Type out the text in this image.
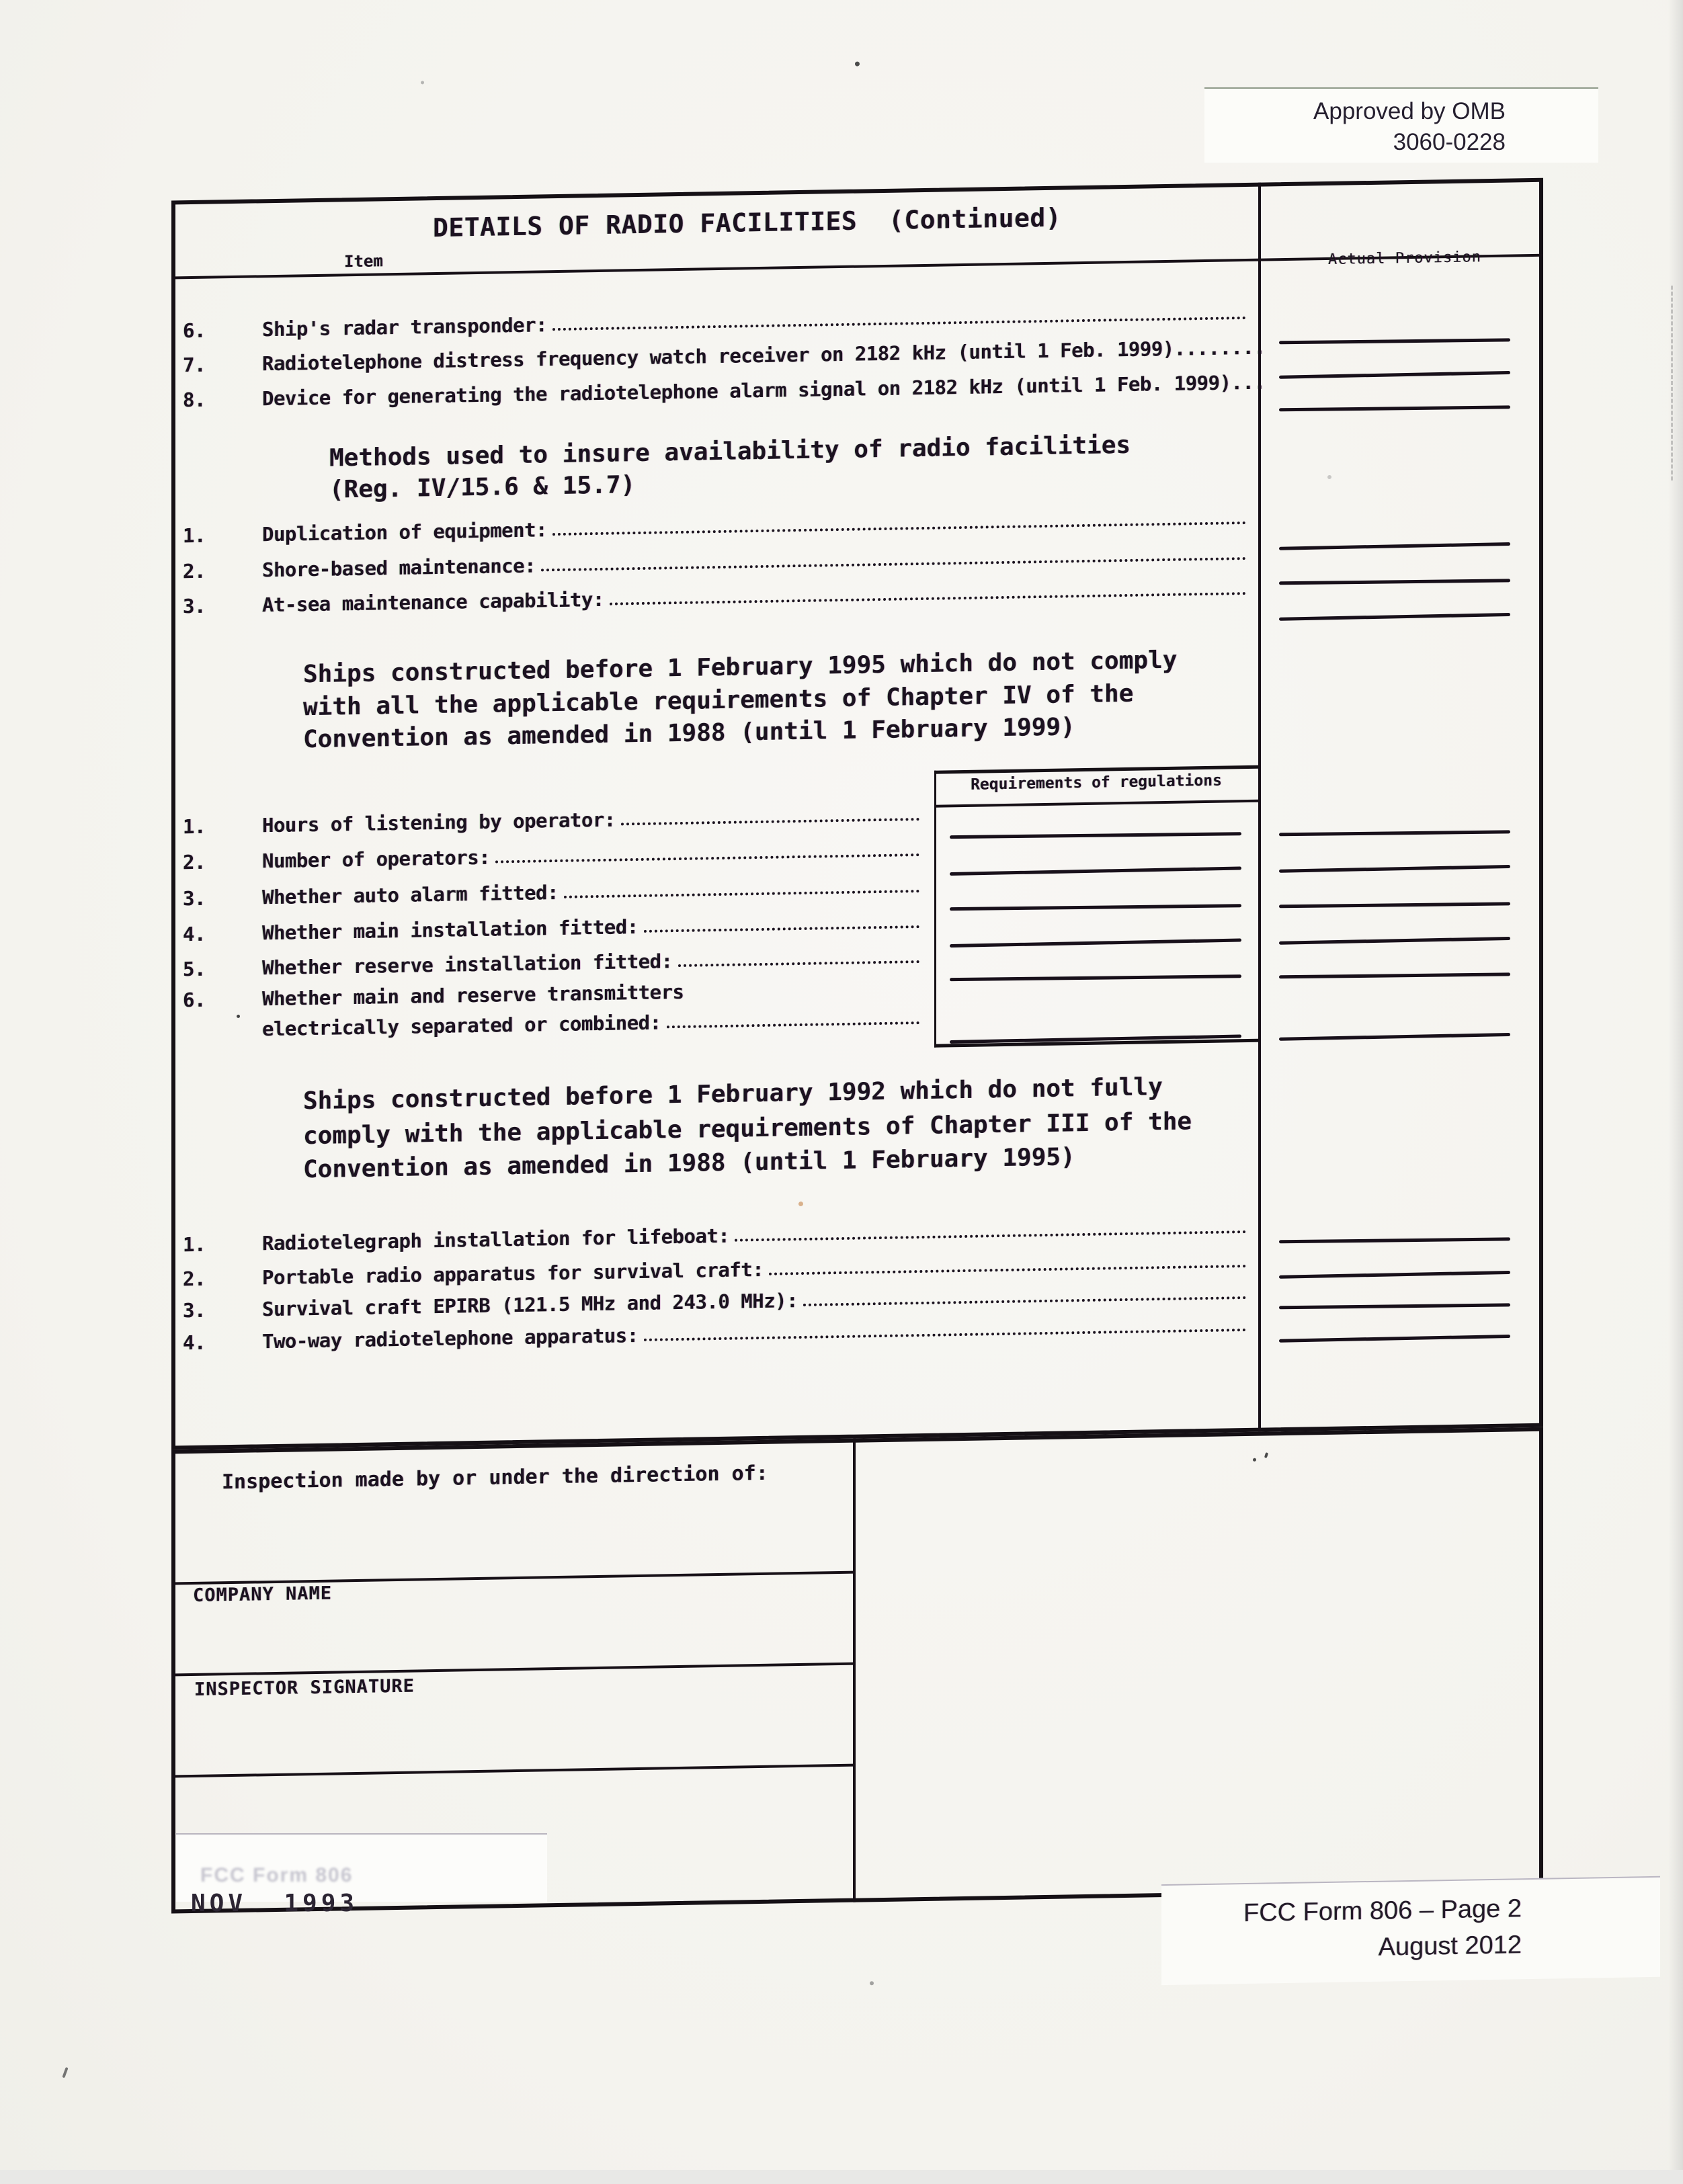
DETAILS OF RADIO FACILITIES  (Continued)
Item	Actual Provision
6.	Ship's radar transponder:
7.	Radiotelephone distress frequency watch receiver on 2182 kHz (until 1 Feb. 1999)........
8.	Device for generating the radiotelephone alarm signal on 2182 kHz (until 1 Feb. 1999)...
Methods used to insure availability of radio facilities
(Reg. IV/15.6 & 15.7)
1.	Duplication of equipment:
2.	Shore-based maintenance:
3.	At-sea maintenance capability:
Ships constructed before 1 February 1995 which do not comply
with all the applicable requirements of Chapter IV of the
Convention as amended in 1988 (until 1 February 1999)
Requirements of regulations
1.	Hours of listening by operator:
2.	Number of operators:
3.	Whether auto alarm fitted:
4.	Whether main installation fitted:
5.	Whether reserve installation fitted:
6.	Whether main and reserve transmitters
electrically separated or combined:
Ships constructed before 1 February 1992 which do not fully
comply with the applicable requirements of Chapter III of the
Convention as amended in 1988 (until 1 February 1995)
1.	Radiotelegraph installation for lifeboat:
2.	Portable radio apparatus for survival craft:
3.	Survival craft EPIRB (121.5 MHz and 243.0 MHz):
4.	Two-way radiotelephone apparatus:
Inspection made by or under the direction of:
COMPANY NAME
INSPECTOR SIGNATURE
FCC Form 806 – Page 2
August 2012
Approved by OMB
3060-0228
FCC Form 806
NOV  1993
